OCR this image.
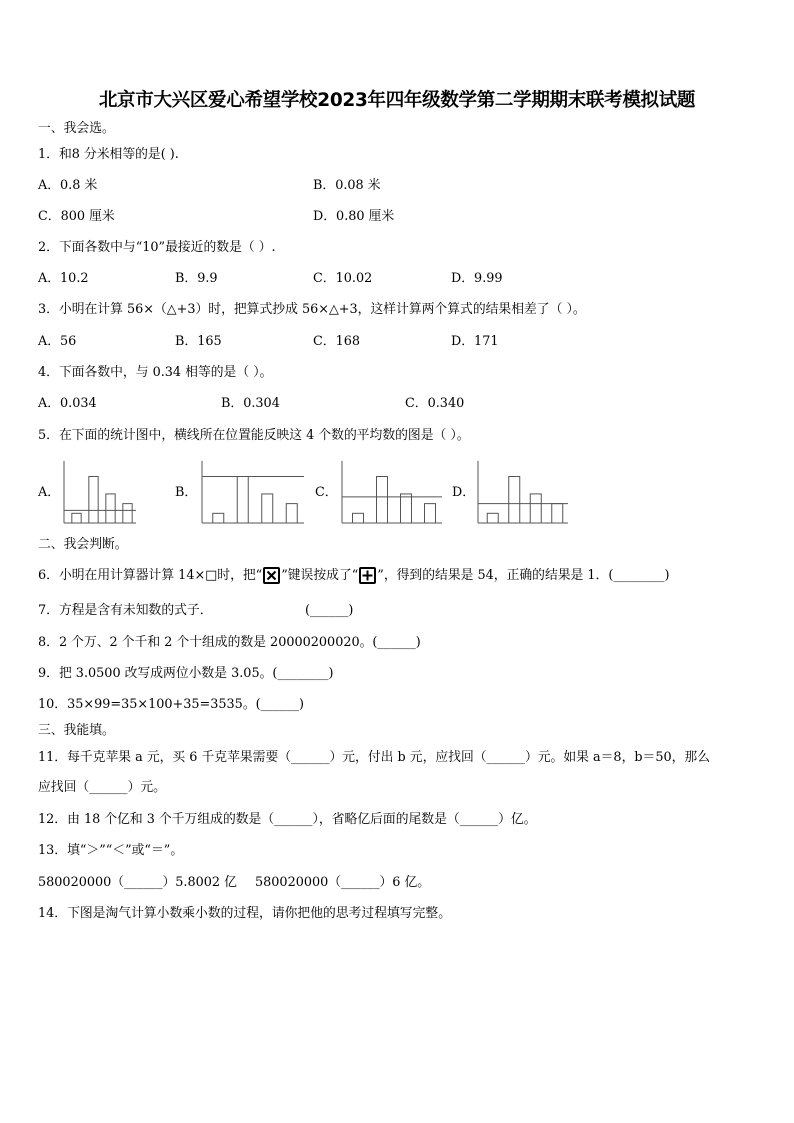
北京市大兴区爱心希望学校2023年四年级数学第二学期期末联考模拟试题
一、我会选。
1．和8 分米相等的是( ).
A．0.8 米	B．0.08 米
C．800 厘米	D．0.80 厘米
2．下面各数中与“10”最接近的数是（ ）.
A．10.2	B．9.9	C．10.02	D．9.99
3．小明在计算 56×（△+3）时，把算式抄成 56×△+3，这样计算两个算式的结果相差了（ ）。
A．56	B．165	C．168	D．171
4．下面各数中，与 0.34 相等的是（ ）。
A．0.034	B．0.304	C．0.340
5．在下面的统计图中，横线所在位置能反映这 4 个数的平均数的图是（ ）。
A．	B．	C．	D．
二、我会判断。
6．小明在用计算器计算 14×□时，把“ ”键误按成了“ ”，得到的结果是 54，正确的结果是 1．(________)
7．方程是含有未知数的式子．	(______)
8．2 个万、2 个千和 2 个十组成的数是 20000200020。(______)
9．把 3.0500 改写成两位小数是 3.05。(________)
10．35×99=35×100+35=3535。(______)
三、我能填。
11．每千克苹果 a 元，买 6 千克苹果需要（______）元，付出 b 元，应找回（______）元。如果 a＝8，b＝50，那么
应找回（______）元。
12．由 18 个亿和 3 个千万组成的数是（______），省略亿后面的尾数是（______）亿。
13．填“＞”“＜”或“＝”。
580020000（______）5.8002 亿 580020000（______）6 亿。
14．下图是淘气计算小数乘小数的过程，请你把他的思考过程填写完整。
